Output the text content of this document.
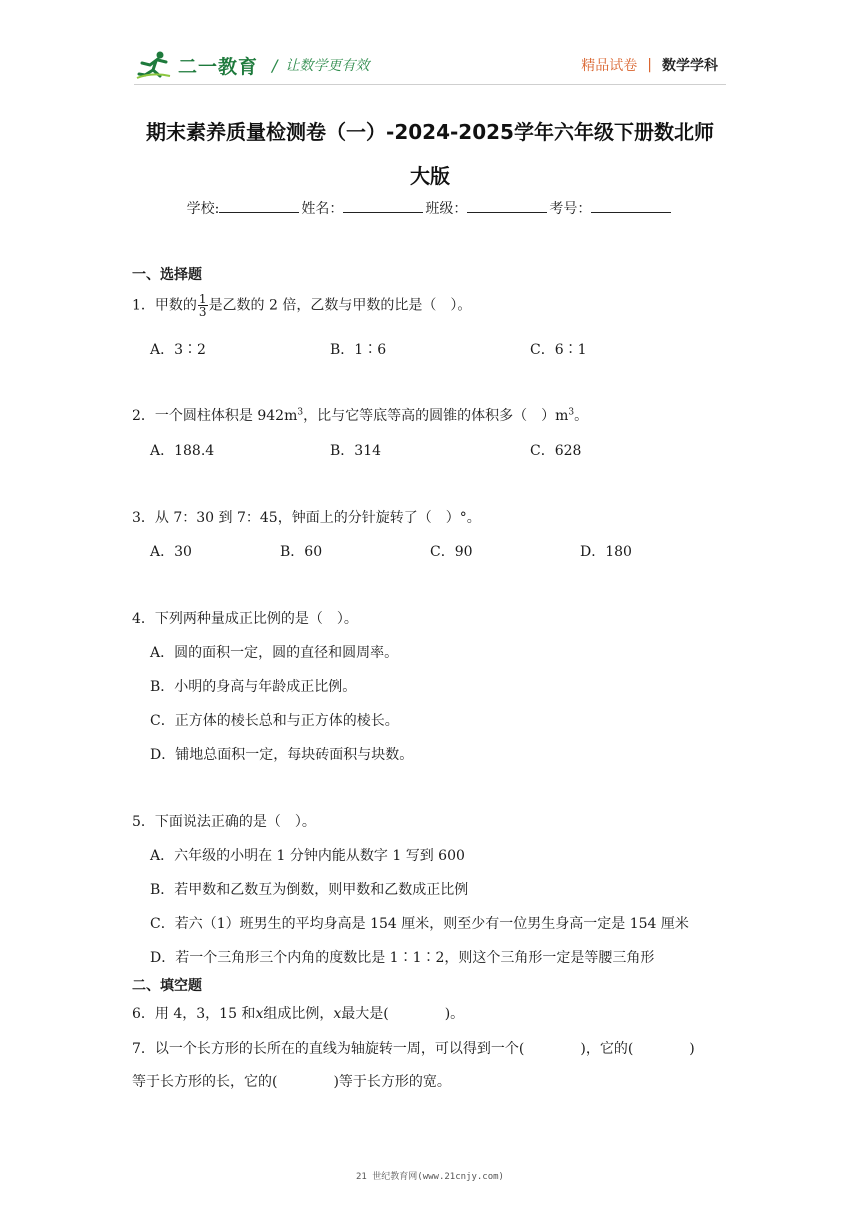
二一教育 / 让数学更有效	精品试卷 | 数学学科
期末素养质量检测卷（一）-2024-2025学年六年级下册数北师
大版
学校:	姓名：	班级：	考号：
一、选择题
1．甲数的 $\frac{1}{3}$ 是乙数的 2 倍，乙数与甲数的比是（　）。
A．3∶2	B．1∶6	C．6∶1
2．一个圆柱体积是 $942m^3$，比与它等底等高的圆锥的体积多（　）$m^3$。
A．188.4	B．314	C．628
3．从 7：30 到 7：45，钟面上的分针旋转了（　）°。
A．30	B．60	C．90	D．180
4．下列两种量成正比例的是（　）。
A．圆的面积一定，圆的直径和圆周率。
B．小明的身高与年龄成正比例。
C．正方体的棱长总和与正方体的棱长。
D．铺地总面积一定，每块砖面积与块数。
5．下面说法正确的是（　）。
A．六年级的小明在 1 分钟内能从数字 1 写到 600
B．若甲数和乙数互为倒数，则甲数和乙数成正比例
C．若六（1）班男生的平均身高是 154 厘米，则至少有一位男生身高一定是 154 厘米
D．若一个三角形三个内角的度数比是 1∶1∶2，则这个三角形一定是等腰三角形
二、填空题
6．用 4，3，15 和x组成比例，x最大是(　　　　)。
7．以一个长方形的长所在的直线为轴旋转一周，可以得到一个(　　　　)，它的(　　　　)
等于长方形的长，它的(　　　　)等于长方形的宽。
21 世纪教育网(www.21cnjy.com)
